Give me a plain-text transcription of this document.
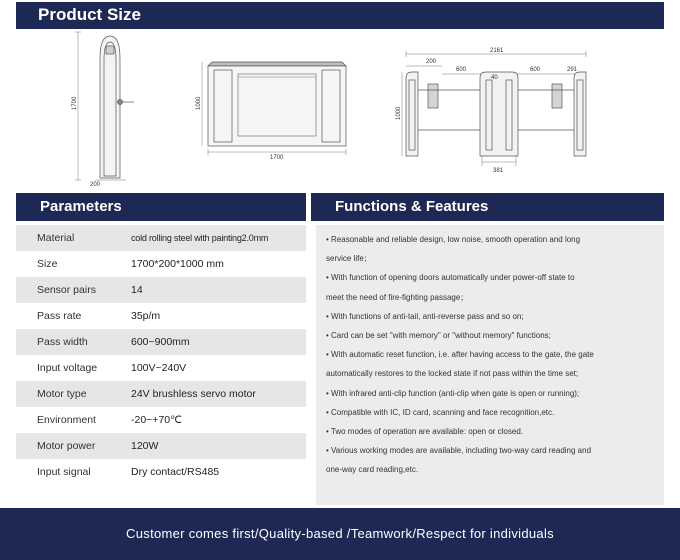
Product Size
1700
200
1000
1700
2161
200
600
40
600	291
1000
381
Parameters	Functions & Features
Material	cold rolling steel with painting2.0mm
Size	1700*200*1000 mm
Sensor pairs	14
Pass rate	35p/m
Pass width	600~900mm
Input voltage	100V~240V
Motor type	24V brushless servo motor
Environment	-20~+70℃
Motor power	120W
Input signal	Dry contact/RS485
• Reasonable and reliable design, low noise, smooth operation and long
service life；
• With function of opening doors automatically under power-off state to
meet the need of fire-fighting passage；
• With functions of anti-tail, anti-reverse pass and so on;
• Card can be set "with memory" or "without memory" functions;
• With automatic reset function, i.e. after having access to the gate, the gate
automatically restores to the locked state if not pass within the time set;
• With infrared anti-clip function (anti-clip when gate is open or running);
• Compatible with IC, ID card, scanning and face recognition,etc.
• Two modes of operation are available: open or closed.
• Various working modes are available, including two-way card reading and
one-way card reading,etc.
Customer comes first/Quality-based /Teamwork/Respect for individuals
